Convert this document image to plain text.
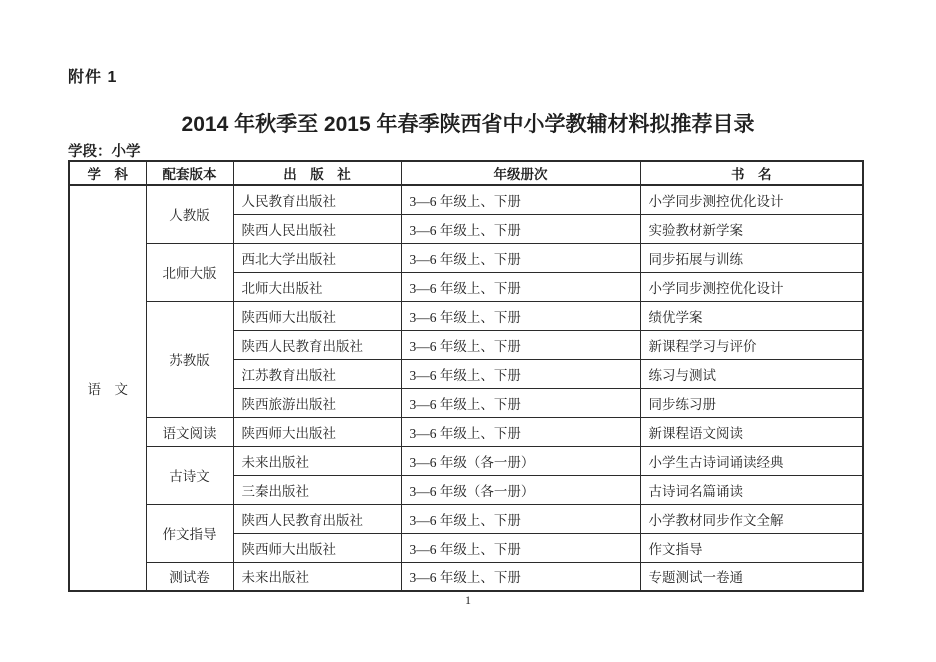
附件 1
2014 年秋季至 2015 年春季陕西省中小学教辅材料拟推荐目录
学段：小学
学　科	配套版本	出　版　社	年级册次	书　名
语　文	人教版	人民教育出版社	3—6 年级上、下册	小学同步测控优化设计
		陕西人民出版社	3—6 年级上、下册	实验教材新学案
	北师大版	西北大学出版社	3—6 年级上、下册	同步拓展与训练
		北师大出版社	3—6 年级上、下册	小学同步测控优化设计
	苏教版	陕西师大出版社	3—6 年级上、下册	绩优学案
		陕西人民教育出版社	3—6 年级上、下册	新课程学习与评价
		江苏教育出版社	3—6 年级上、下册	练习与测试
		陕西旅游出版社	3—6 年级上、下册	同步练习册
	语文阅读	陕西师大出版社	3—6 年级上、下册	新课程语文阅读
	古诗文	未来出版社	3—6 年级（各一册）	小学生古诗词诵读经典
		三秦出版社	3—6 年级（各一册）	古诗词名篇诵读
	作文指导	陕西人民教育出版社	3—6 年级上、下册	小学教材同步作文全解
		陕西师大出版社	3—6 年级上、下册	作文指导
	测试卷	未来出版社	3—6 年级上、下册	专题测试一卷通
1
